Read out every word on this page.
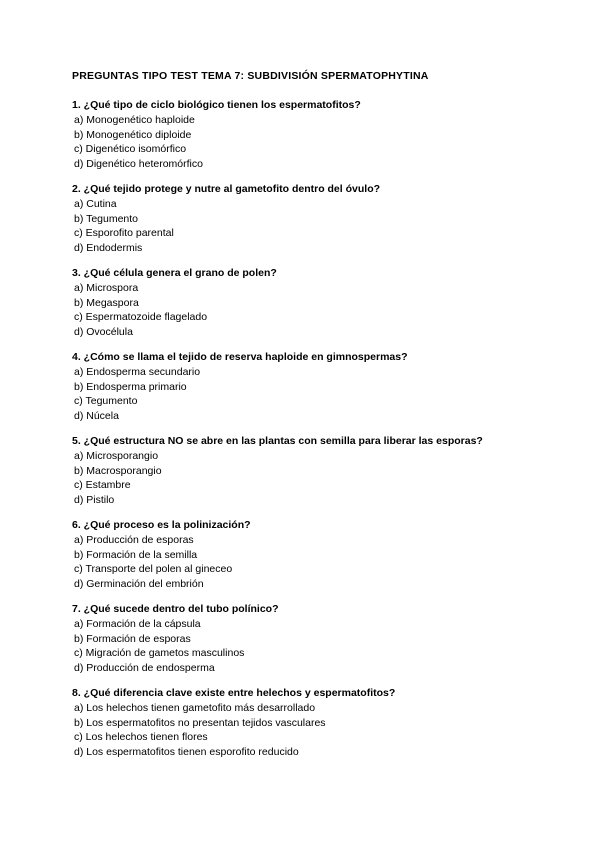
PREGUNTAS TIPO TEST TEMA 7: SUBDIVISIÓN SPERMATOPHYTINA
1. ¿Qué tipo de ciclo biológico tienen los espermatofitos?
a) Monogenético haploide
b) Monogenético diploide
c) Digenético isomórfico
d) Digenético heteromórfico
2. ¿Qué tejido protege y nutre al gametofito dentro del óvulo?
a) Cutina
b) Tegumento
c) Esporofito parental
d) Endodermis
3. ¿Qué célula genera el grano de polen?
a) Microspora
b) Megaspora
c) Espermatozoide flagelado
d) Ovocélula
4. ¿Cómo se llama el tejido de reserva haploide en gimnospermas?
a) Endosperma secundario
b) Endosperma primario
c) Tegumento
d) Núcela
5. ¿Qué estructura NO se abre en las plantas con semilla para liberar las esporas?
a) Microsporangio
b) Macrosporangio
c) Estambre
d) Pistilo
6. ¿Qué proceso es la polinización?
a) Producción de esporas
b) Formación de la semilla
c) Transporte del polen al gineceo
d) Germinación del embrión
7. ¿Qué sucede dentro del tubo polínico?
a) Formación de la cápsula
b) Formación de esporas
c) Migración de gametos masculinos
d) Producción de endosperma
8. ¿Qué diferencia clave existe entre helechos y espermatofitos?
a) Los helechos tienen gametofito más desarrollado
b) Los espermatofitos no presentan tejidos vasculares
c) Los helechos tienen flores
d) Los espermatofitos tienen esporofito reducido
